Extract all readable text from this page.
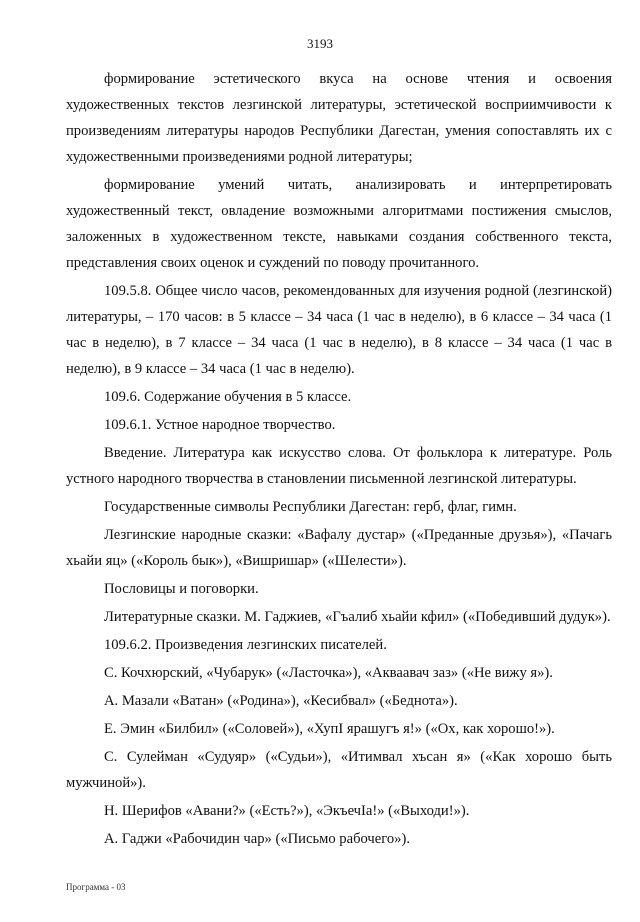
3193

формирование эстетического вкуса на основе чтения и освоения художественных текстов лезгинской литературы, эстетической восприимчивости к произведениям литературы народов Республики Дагестан, умения сопоставлять их с художественными произведениями родной литературы;

формирование умений читать, анализировать и интерпретировать художественный текст, овладение возможными алгоритмами постижения смыслов, заложенных в художественном тексте, навыками создания собственного текста, представления своих оценок и суждений по поводу прочитанного.

109.5.8. Общее число часов, рекомендованных для изучения родной (лезгинской) литературы, – 170 часов: в 5 классе – 34 часа (1 час в неделю), в 6 классе – 34 часа (1 час в неделю), в 7 классе – 34 часа (1 час в неделю), в 8 классе – 34 часа (1 час в неделю), в 9 классе – 34 часа (1 час в неделю).

109.6. Содержание обучения в 5 классе.

109.6.1. Устное народное творчество.

Введение. Литература как искусство слова. От фольклора к литературе. Роль устного народного творчества в становлении письменной лезгинской литературы.

Государственные символы Республики Дагестан: герб, флаг, гимн.

Лезгинские народные сказки: «Вафалу дустар» («Преданные друзья»), «Пачагь хьайи яц» («Король бык»), «Вишришар» («Шелести»).

Пословицы и поговорки.

Литературные сказки. М. Гаджиев, «Гъалиб хьайи кфил» («Победивший дудук»).

109.6.2. Произведения лезгинских писателей.

С. Кочхюрский, «Чубарук» («Ласточка»), «Акваавач заз» («Не вижу я»).

А. Мазали «Ватан» («Родина»), «Кесибвал» («Беднота»).

Е. Эмин «Билбил» («Соловей»), «ХупI ярашугъ я!» («Ох, как хорошо!»).

С. Сулейман «Судуяр» («Судьи»), «Итимвал хъсан я» («Как хорошо быть мужчиной»).

Н. Шерифов «Авани?» («Есть?»), «ЭкъечIа!» («Выходи!»).

А. Гаджи «Рабочидин чар» («Письмо рабочего»).

Программа - 03
